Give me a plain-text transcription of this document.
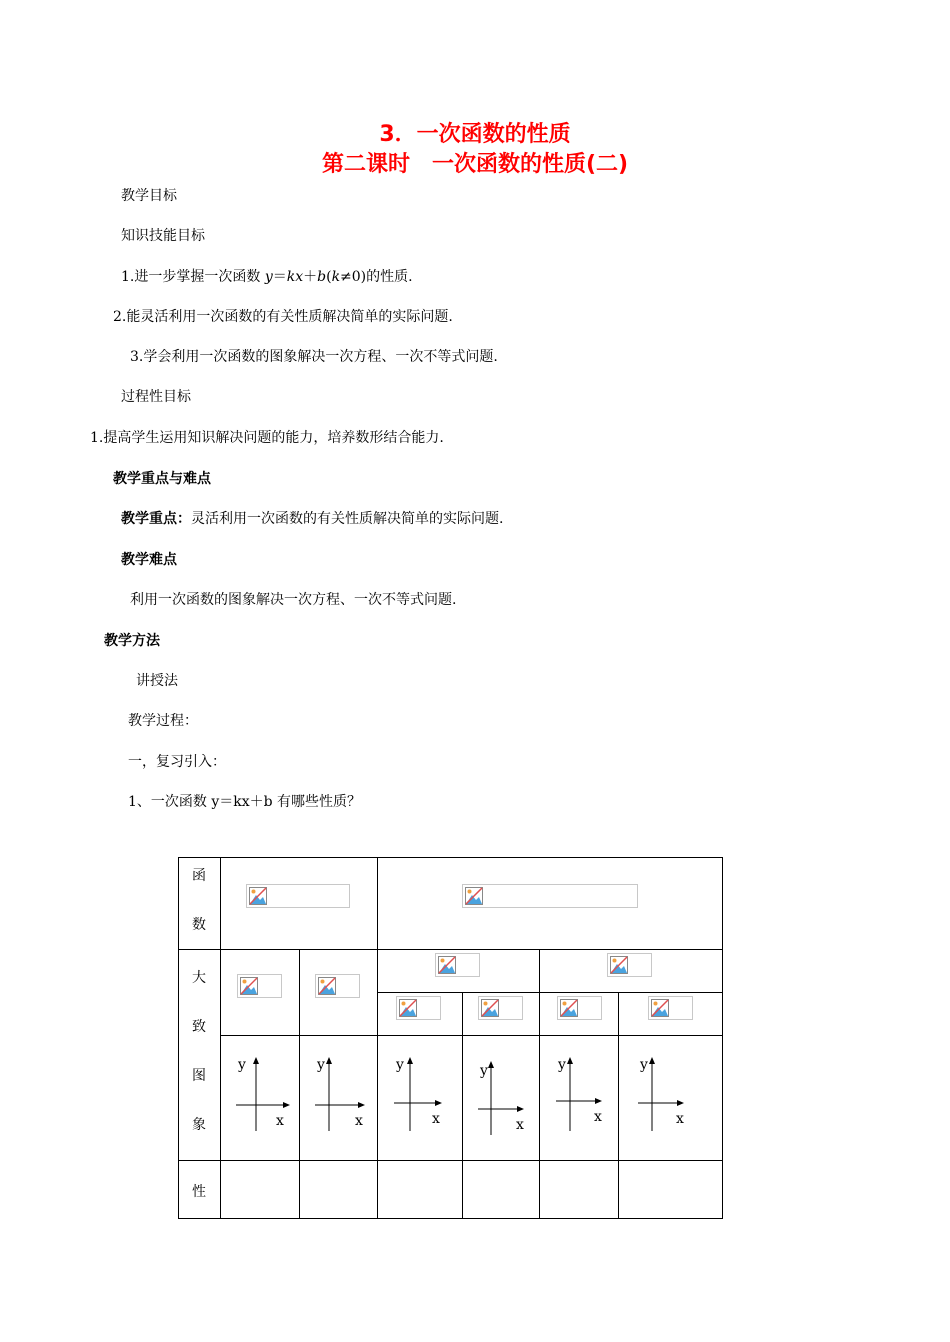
3．一次函数的性质
第二课时　一次函数的性质(二)
教学目标
知识技能目标
1.进一步掌握一次函数 y＝kx＋b(k≠0)的性质.
2.能灵活利用一次函数的有关性质解决简单的实际问题.
3.学会利用一次函数的图象解决一次方程、一次不等式问题.
过程性目标
1.提高学生运用知识解决问题的能力，培养数形结合能力.
教学重点与难点
教学重点：灵活利用一次函数的有关性质解决简单的实际问题.
教学难点
利用一次函数的图象解决一次方程、一次不等式问题.
教学方法
讲授法
教学过程：
一，复习引入：
1、一次函数 y＝kx＋b 有哪些性质？
函
数
大
致
图
象
性
y
x
y
x
y
x
y
x
y
x
y
x
